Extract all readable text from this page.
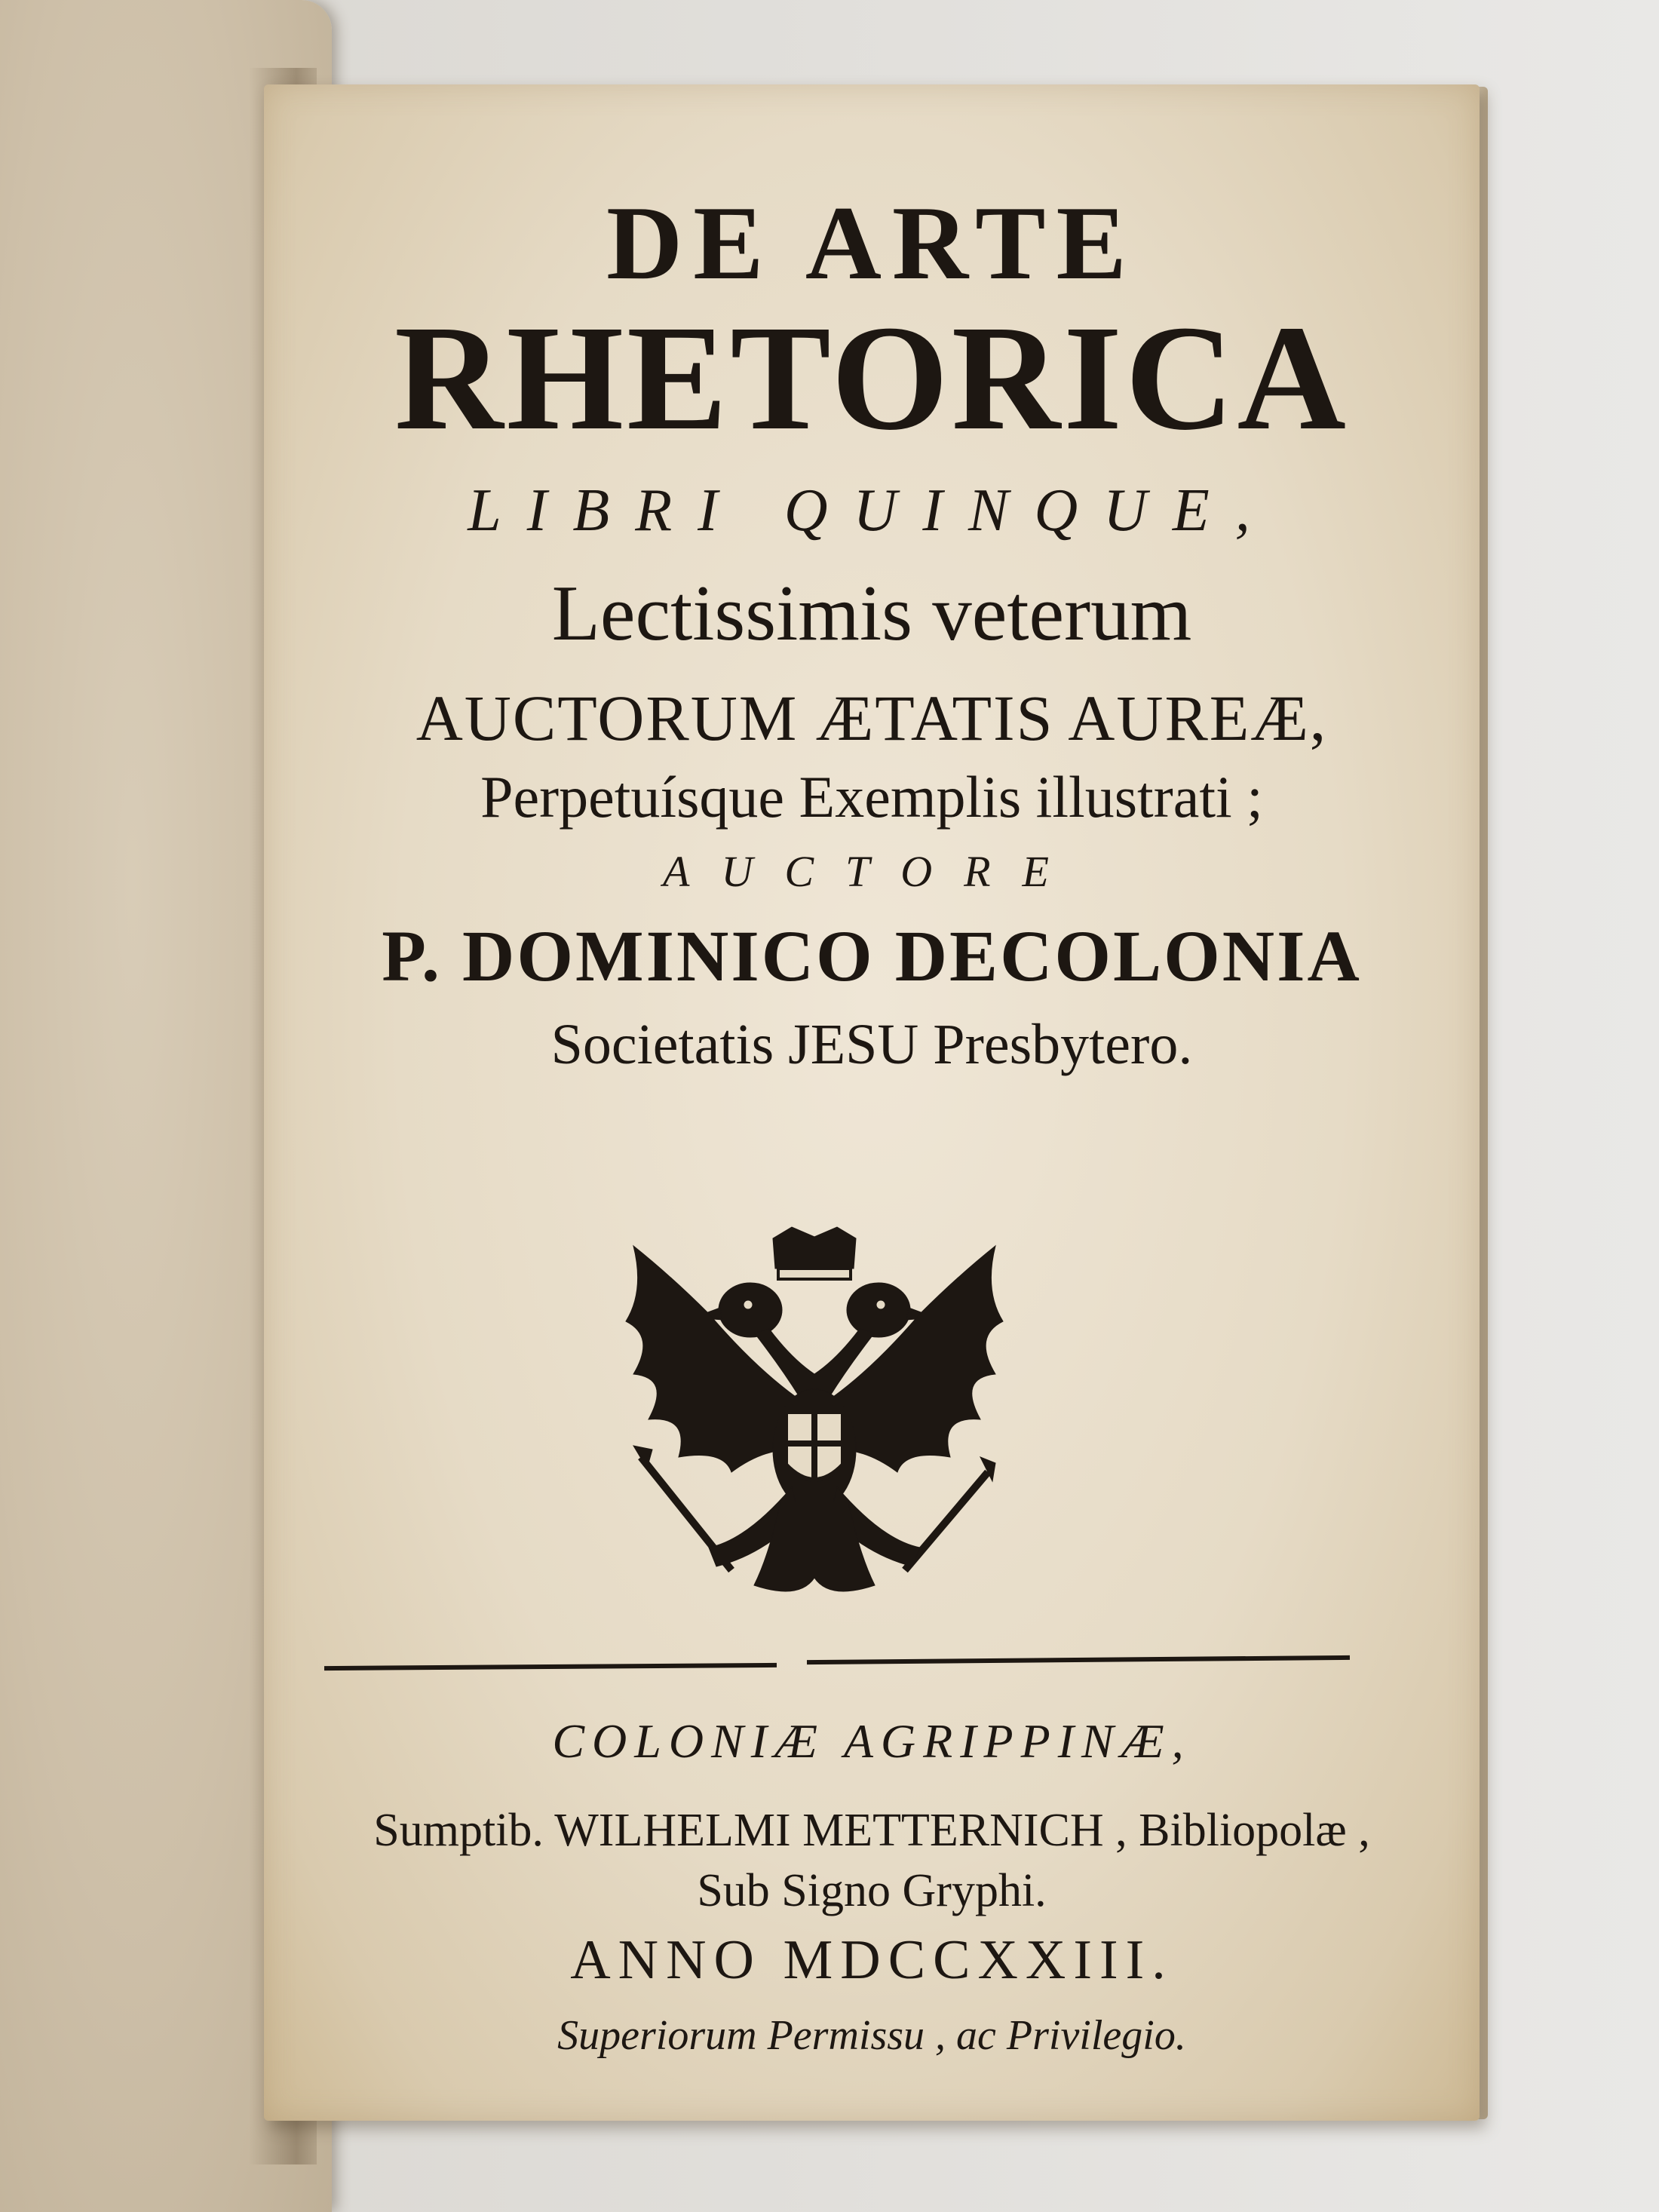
DE ARTE
RHETORICA
LIBRI QUINQUE,
Lectissimis veterum
AUCTORUM ÆTATIS AUREÆ,
Perpetuísque Exemplis illustrati ;
AUCTORE
P. DOMINICO DECOLONIA
Societatis JESU Presbytero.
COLONIÆ AGRIPPINÆ,
Sumptib. WILHELMI METTERNICH , Bibliopolæ ,
Sub Signo Gryphi.
ANNO MDCCXXIII.
Superiorum Permissu , ac Privilegio.
